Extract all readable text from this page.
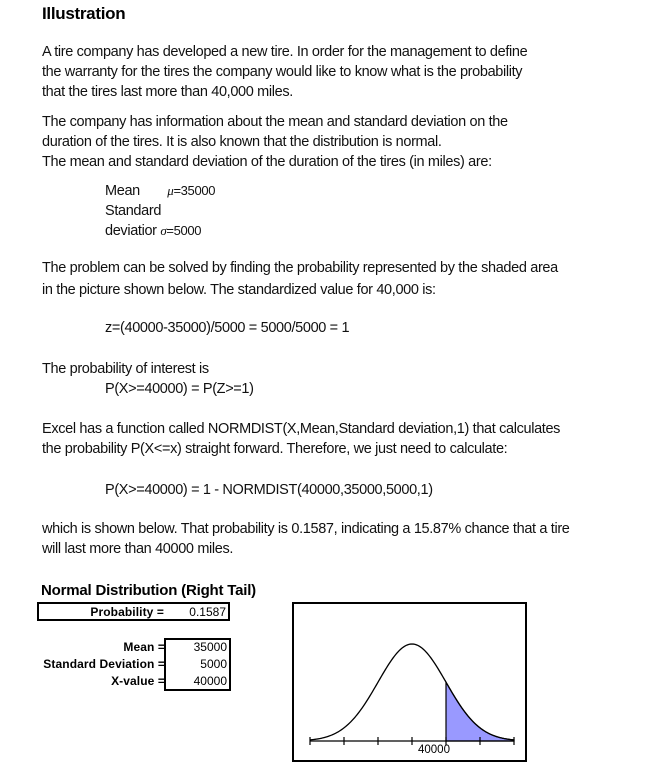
Illustration
A tire company has developed a new tire. In order for the management to define
the warranty for the tires the company would like to know what is the probability
that the tires last more than 40,000 miles.
The company has information about the mean and standard deviation on the
duration of the tires. It is also known that the distribution is normal.
The mean and standard deviation of the duration of the tires (in miles) are:
Mean μ=35000
Standard
deviatior σ=5000
The problem can be solved by finding the probability represented by the shaded area
in the picture shown below. The standardized value for 40,000 is:
z=(40000-35000)/5000 = 5000/5000 = 1
The probability of interest is
P(X>=40000) = P(Z>=1)
Excel has a function called NORMDIST(X,Mean,Standard deviation,1) that calculates
the probability P(X<=x) straight forward. Therefore, we just need to calculate:
P(X>=40000) = 1 - NORMDIST(40000,35000,5000,1)
which is shown below. That probability is 0.1587, indicating a 15.87% chance that a tire
will last more than 40000 miles.
Normal Distribution (Right Tail)
Probability = 0.1587
Mean =
Standard Deviation =
X-value =
35000
5000
40000
40000
